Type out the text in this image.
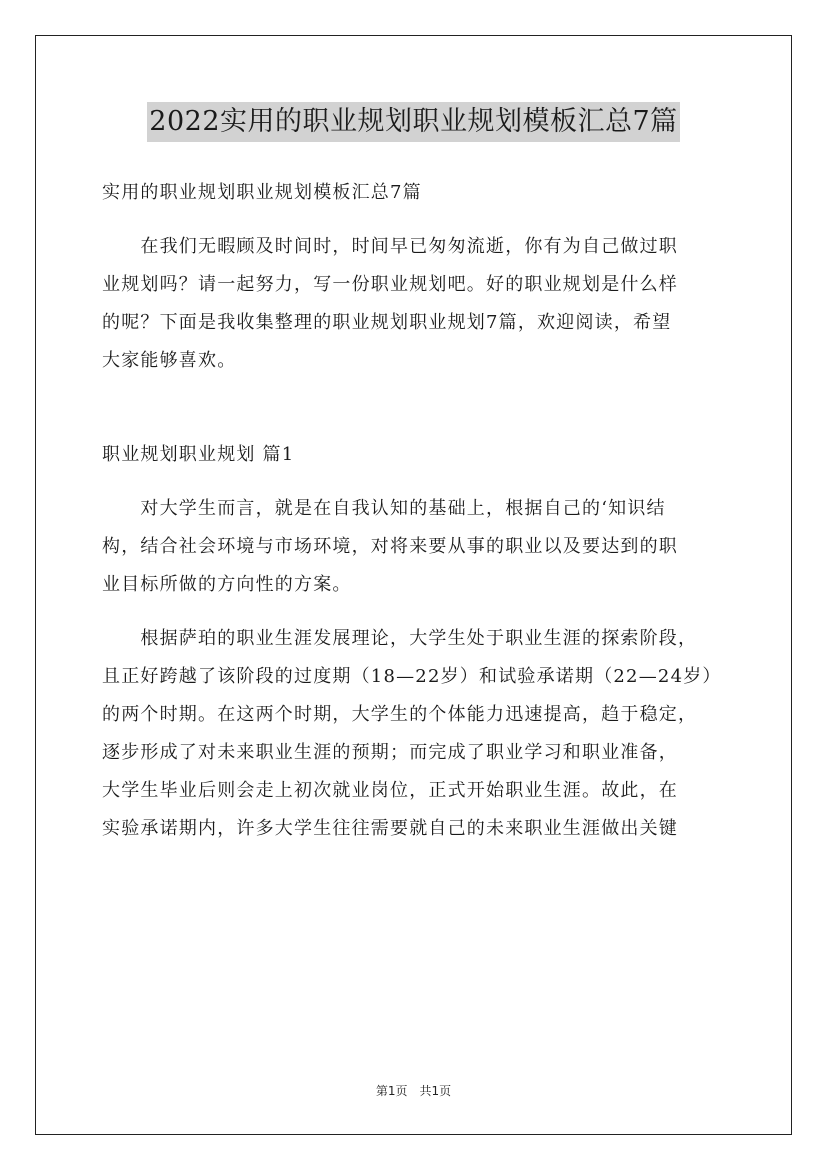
2022实用的职业规划职业规划模板汇总7篇
实用的职业规划职业规划模板汇总7篇
　　在我们无暇顾及时间时，时间早已匆匆流逝，你有为自己做过职
业规划吗？请一起努力，写一份职业规划吧。好的职业规划是什么样
的呢？下面是我收集整理的职业规划职业规划7篇，欢迎阅读，希望
大家能够喜欢。
职业规划职业规划 篇1
　　对大学生而言，就是在自我认知的基础上，根据自己的‘知识结
构，结合社会环境与市场环境，对将来要从事的职业以及要达到的职
业目标所做的方向性的方案。
　　根据萨珀的职业生涯发展理论，大学生处于职业生涯的探索阶段，
且正好跨越了该阶段的过度期（18—22岁）和试验承诺期（22—24岁）
的两个时期。在这两个时期，大学生的个体能力迅速提高，趋于稳定，
逐步形成了对未来职业生涯的预期；而完成了职业学习和职业准备，
大学生毕业后则会走上初次就业岗位，正式开始职业生涯。故此，在
实验承诺期内，许多大学生往往需要就自己的未来职业生涯做出关键
第1页　共1页
